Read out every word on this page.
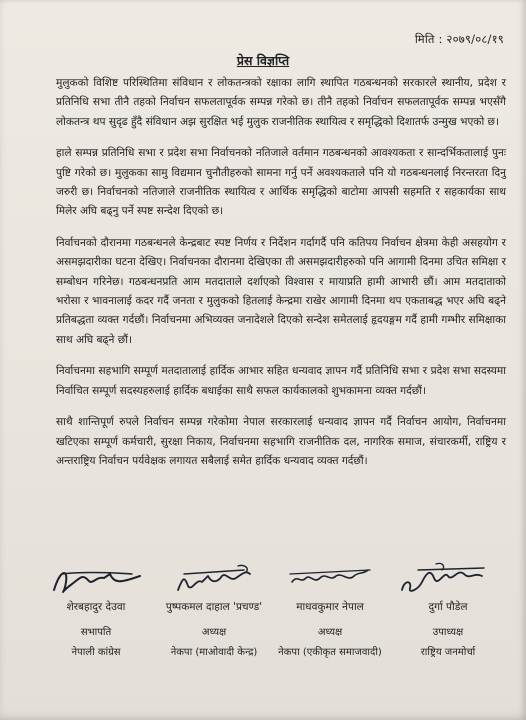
मिति : २०७९/०८/१९
प्रेस विज्ञप्ति

मुलुकको विशिष्ट परिस्थितिमा संविधान र लोकतन्त्रको रक्षाका लागि स्थापित गठबन्धनको सरकारले स्थानीय, प्रदेश र प्रतिनिधि सभा तीनै तहको निर्वाचन सफलतापूर्वक सम्पन्न गरेको छ। तीनै तहको निर्वाचन सफलतापूर्वक सम्पन्न भएसँगै लोकतन्त्र थप सुदृढ हुँदै संविधान अझ सुरक्षित भई मुलुक राजनीतिक स्थायित्व र समृद्धिको दिशातर्फ उन्मुख भएको छ।

हाले सम्पन्न प्रतिनिधि सभा र प्रदेश सभा निर्वाचनको नतिजाले वर्तमान गठबन्धनको आवश्यकता र सान्दर्भिकतालाई पुनः पुष्टि गरेको छ। मुलुकका सामु विद्यमान चुनौतीहरुको सामना गर्नु पर्ने अवश्यकताले पनि यो गठबन्धनलाई निरन्तरता दिनु जरुरी छ। निर्वाचनको नतिजाले राजनीतिक स्थायित्व र आर्थिक समृद्धिको बाटोमा आपसी सहमति र सहकार्यका साथ मिलेर अघि बढ्नु पर्ने स्पष्ट सन्देश दिएको छ।

निर्वाचनको दौरानमा गठबन्धनले केन्द्रबाट स्पष्ट निर्णय र निर्देशन गर्दागर्दै पनि कतिपय निर्वाचन क्षेत्रमा केही असहयोग र असमझदारीका घटना देखिए। निर्वाचनका दौरानमा देखिएका ती असमझदारीहरुको पनि आगामी दिनमा उचित समिक्षा र सम्बोधन गरिनेछ। गठबन्धनप्रति आम मतदाताले दर्शाएको विश्वास र मायाप्रति हामी आभारी छौं। आम मतदाताको भरोसा र भावनालाई कदर गर्दै जनता र मुलुकको हितलाई केन्द्रमा राखेर आगामी दिनमा थप एकताबद्ध भएर अघि बढ्ने प्रतिबद्धता व्यक्त गर्दछौं। निर्वाचनमा अभिव्यक्त जनादेशले दिएको सन्देश समेतलाई हृदयङ्गम गर्दै हामी गम्भीर समिक्षाका साथ अघि बढ्ने छौं।

निर्वाचनमा सहभागि सम्पूर्ण मतदातालाई हार्दिक आभार सहित धन्यवाद ज्ञापन गर्दै प्रतिनिधि सभा र प्रदेश सभा सदस्यमा निर्वाचित सम्पूर्ण सदस्यहरुलाई हार्दिक बधाईका साथै सफल कार्यकालको शुभकामना व्यक्त गर्दछौं।

साथै शान्तिपूर्ण रुपले निर्वाचन सम्पन्न गरेकोमा नेपाल सरकारलाई धन्यवाद ज्ञापन गर्दै निर्वाचन आयोग, निर्वाचनमा खटिएका सम्पूर्ण कर्मचारी, सुरक्षा निकाय, निर्वाचनमा सहभागि राजनीतिक दल, नागरिक समाज, संचारकर्मी, राष्ट्रिय र अन्तराष्ट्रिय निर्वाचन पर्यवेक्षक लगायत सबैलाई समेत हार्दिक धन्यवाद व्यक्त गर्दछौं।

शेरबहादुर देउवा
सभापति
नेपाली कांग्रेस
पुष्पकमल दाहाल 'प्रचण्ड'
अध्यक्ष
नेकपा (माओवादी केन्द्र)
माधवकुमार नेपाल
अध्यक्ष
नेकपा (एकीकृत समाजवादी)
दुर्गा पौडेल
उपाध्यक्ष
राष्ट्रिय जनमोर्चा
